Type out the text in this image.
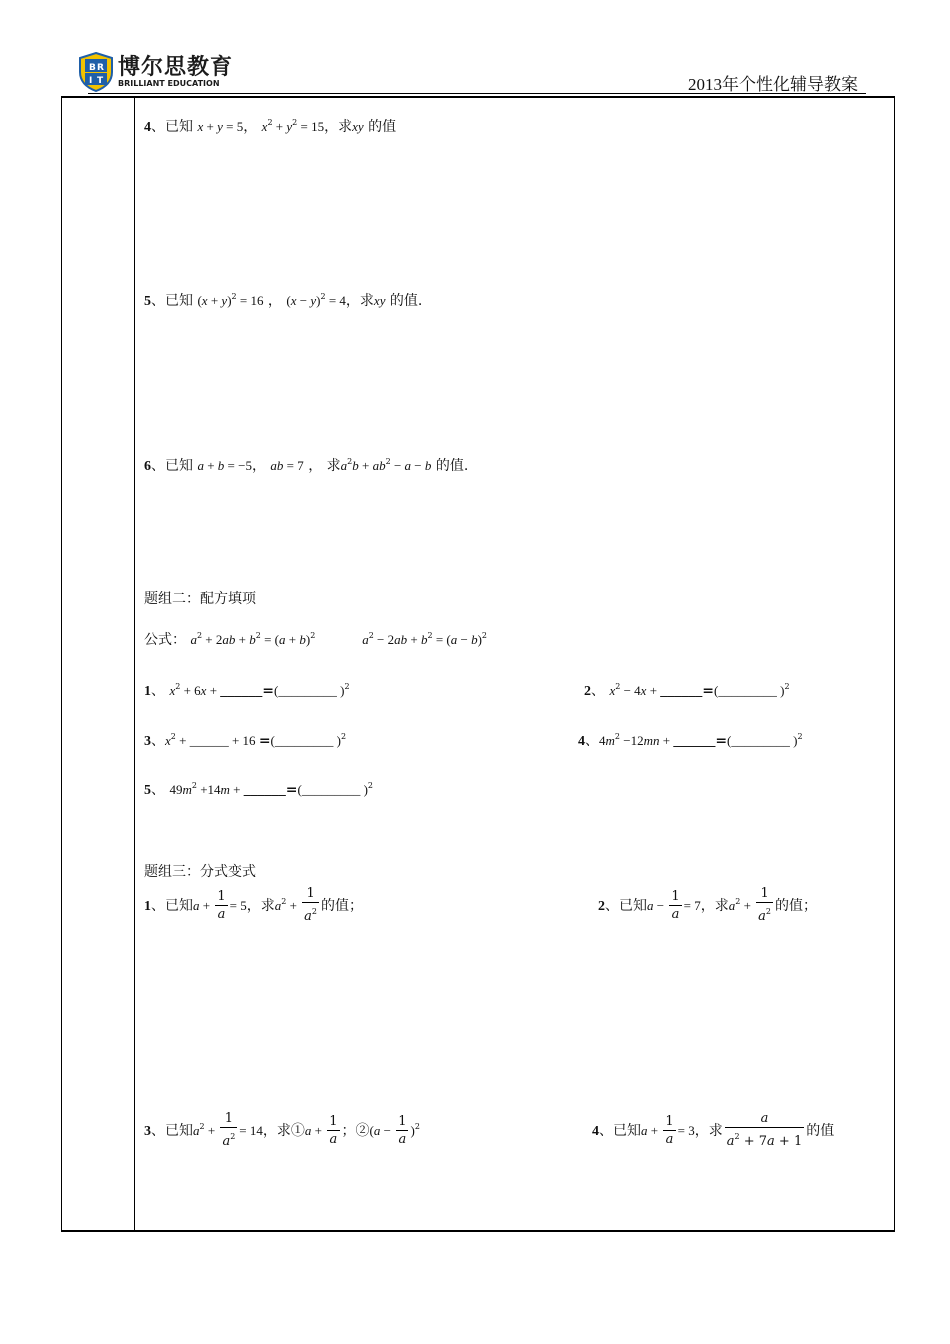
B R
I T
博尔思教育
BRILLIANT EDUCATION	2013年个性化辅导教案
4、已知 x + y = 5， $x^2 + y^2 = 15$，求xy 的值
5、已知 $(x + y)^2 = 16$ ， $(x - y)^2 = 4$，求xy 的值.
6、已知 a + b = −5， ab = 7 ， 求$a^2b + ab^2 - a - b$ 的值.
题组二：配方填项
公式： $a^2 + 2ab + b^2 = (a + b)^2$	$a^2 - 2ab + b^2 = (a - b)^2$
1、 $x^2 + 6x$ + ______=(_________ )$^2$	2、 $x^2 - 4x$ + ______=(_________ )$^2$
3、$x^2$ + ______ + 16 =(_________ )$^2$	4、$4m^2 -12mn$ + ______=(_________ )$^2$
5、 $49m^2 +14m$ + ______=(_________ )$^2$
题组三：分式变式
1、已知$a + \frac{1}{a} = 5$，求$a^2 + \frac{1}{a^2}$ 的值；	2、已知$a - \frac{1}{a} = 7$，求$a^2 + \frac{1}{a^2}$ 的值；
3、已知$a^2 + \frac{1}{a^2} = 14$，求①a + $\frac{1}{a}$ ；②(a − $\frac{1}{a} )^2$	4、已知$a + \frac{1}{a} = 3$，求 $\frac{a}{a^2 + 7a + 1}$ 的值
